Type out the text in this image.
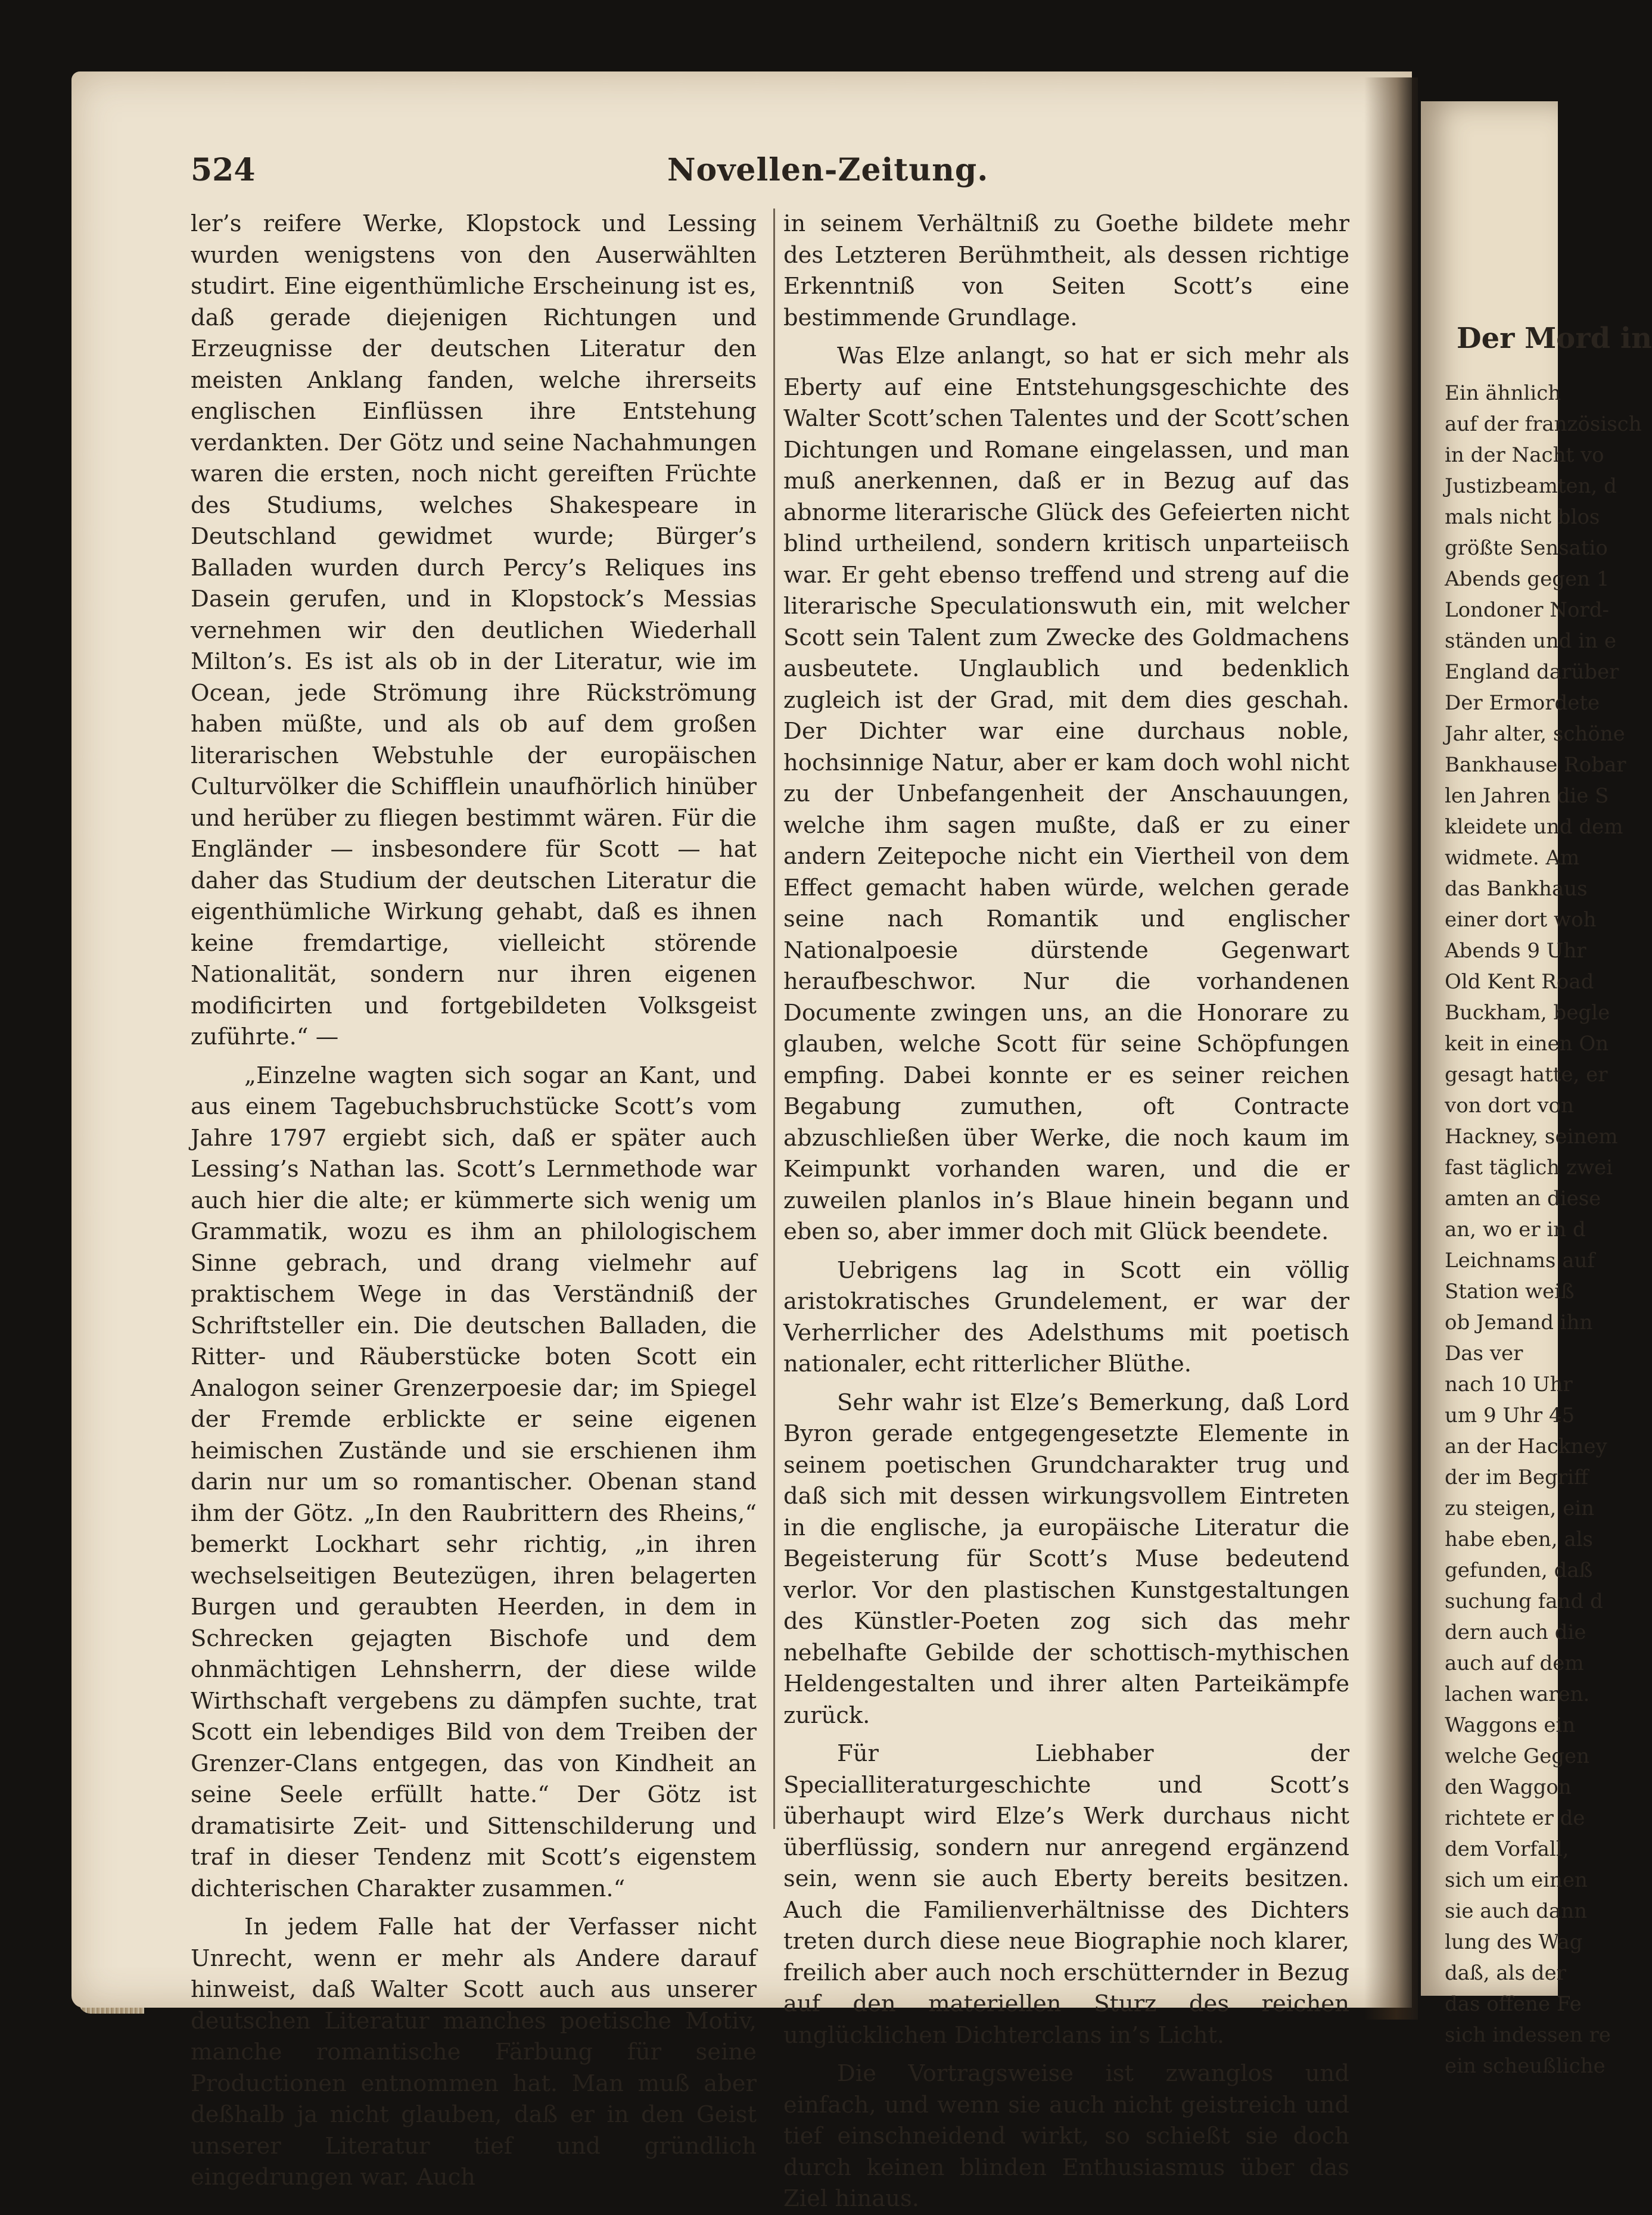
Der Mord in
Ein ähnlich
auf der französisch
in der Nacht vo
Justizbeamten, d
mals nicht blos
größte Sensatio
Abends gegen 1
Londoner Nord-
ständen und in e
England darüber
Der Ermordete
Jahr alter, schöne
Bankhause Robar
len Jahren die S
kleidete und dem
widmete. Am
das Bankhaus
einer dort woh
Abends 9 Uhr
Old Kent Road
Buckham, begle
keit in einen On
gesagt hatte, er
von dort von
Hackney, seinem
fast täglich zwei
amten an diese
an, wo er in d
Leichnams auf
Station weiß
ob Jemand ihn
Das ver
nach 10 Uhr
um 9 Uhr 45
an der Hackney
der im Begriff
zu steigen, ein
habe eben, als
gefunden, daß
suchung fand d
dern auch die
auch auf dem
lachen waren.
Waggons ein
welche Gegen
den Waggon
richtete er de
dem Vorfall,
sich um einen
sie auch dann
lung des Wag
daß, als der
das offene Fe
sich indessen re
ein scheußliche
524	Novellen-Zeitung.

ler’s reifere Werke, Klopstock und Lessing wurden wenigstens von den Auserwählten studirt. Eine eigenthümliche Erscheinung ist es, daß gerade diejenigen Richtungen und Erzeugnisse der deutschen Literatur den meisten Anklang fanden, welche ihrerseits englischen Einflüssen ihre Entstehung verdankten. Der Götz und seine Nachahmungen waren die ersten, noch nicht gereiften Früchte des Studiums, welches Shakespeare in Deutschland gewidmet wurde; Bürger’s Balladen wurden durch Percy’s Reliques ins Dasein gerufen, und in Klopstock’s Messias vernehmen wir den deutlichen Wiederhall Milton’s. Es ist als ob in der Literatur, wie im Ocean, jede Strömung ihre Rückströmung haben müßte, und als ob auf dem großen literarischen Webstuhle der europäischen Culturvölker die Schifflein unaufhörlich hinüber und herüber zu fliegen bestimmt wären. Für die Engländer — insbesondere für Scott — hat daher das Studium der deutschen Literatur die eigenthümliche Wirkung gehabt, daß es ihnen keine fremdartige, vielleicht störende Nationalität, sondern nur ihren eigenen modificirten und fortgebildeten Volksgeist zuführte.“ —

„Einzelne wagten sich sogar an Kant, und aus einem Tagebuchsbruchstücke Scott’s vom Jahre 1797 ergiebt sich, daß er später auch Lessing’s Nathan las. Scott’s Lernmethode war auch hier die alte; er kümmerte sich wenig um Grammatik, wozu es ihm an philologischem Sinne gebrach, und drang vielmehr auf praktischem Wege in das Verständniß der Schriftsteller ein. Die deutschen Balladen, die Ritter- und Räuberstücke boten Scott ein Analogon seiner Grenzerpoesie dar; im Spiegel der Fremde erblickte er seine eigenen heimischen Zustände und sie erschienen ihm darin nur um so romantischer. Obenan stand ihm der Götz. „In den Raubrittern des Rheins,“ bemerkt Lockhart sehr richtig, „in ihren wechselseitigen Beutezügen, ihren belagerten Burgen und geraubten Heerden, in dem in Schrecken gejagten Bischofe und dem ohnmächtigen Lehnsherrn, der diese wilde Wirthschaft vergebens zu dämpfen suchte, trat Scott ein lebendiges Bild von dem Treiben der Grenzer-Clans entgegen, das von Kindheit an seine Seele erfüllt hatte.“ Der Götz ist dramatisirte Zeit- und Sittenschilderung und traf in dieser Tendenz mit Scott’s eigenstem dichterischen Charakter zusammen.“

In jedem Falle hat der Verfasser nicht Unrecht, wenn er mehr als Andere darauf hinweist, daß Walter Scott auch aus unserer deutschen Literatur manches poetische Motiv, manche romantische Färbung für seine Productionen entnommen hat. Man muß aber deßhalb ja nicht glauben, daß er in den Geist unserer Literatur tief und gründlich eingedrungen war. Auch

in seinem Verhältniß zu Goethe bildete mehr des Letzteren Berühmtheit, als dessen richtige Erkenntniß von Seiten Scott’s eine bestimmende Grundlage.

Was Elze anlangt, so hat er sich mehr als Eberty auf eine Entstehungsgeschichte des Walter Scott’schen Talentes und der Scott’schen Dichtungen und Romane eingelassen, und man muß anerkennen, daß er in Bezug auf das abnorme literarische Glück des Gefeierten nicht blind urtheilend, sondern kritisch unparteiisch war. Er geht ebenso treffend und streng auf die literarische Speculationswuth ein, mit welcher Scott sein Talent zum Zwecke des Goldmachens ausbeutete. Unglaublich und bedenklich zugleich ist der Grad, mit dem dies geschah. Der Dichter war eine durchaus noble, hochsinnige Natur, aber er kam doch wohl nicht zu der Unbefangenheit der Anschauungen, welche ihm sagen mußte, daß er zu einer andern Zeitepoche nicht ein Viertheil von dem Effect gemacht haben würde, welchen gerade seine nach Romantik und englischer Nationalpoesie dürstende Gegenwart heraufbeschwor. Nur die vorhandenen Documente zwingen uns, an die Honorare zu glauben, welche Scott für seine Schöpfungen empfing. Dabei konnte er es seiner reichen Begabung zumuthen, oft Contracte abzuschließen über Werke, die noch kaum im Keimpunkt vorhanden waren, und die er zuweilen planlos in’s Blaue hinein begann und eben so, aber immer doch mit Glück beendete.

Uebrigens lag in Scott ein völlig aristokratisches Grundelement, er war der Verherrlicher des Adelsthums mit poetisch nationaler, echt ritterlicher Blüthe.

Sehr wahr ist Elze’s Bemerkung, daß Lord Byron gerade entgegengesetzte Elemente in seinem poetischen Grundcharakter trug und daß sich mit dessen wirkungsvollem Eintreten in die englische, ja europäische Literatur die Begeisterung für Scott’s Muse bedeutend verlor. Vor den plastischen Kunstgestaltungen des Künstler-Poeten zog sich das mehr nebelhafte Gebilde der schottisch-mythischen Heldengestalten und ihrer alten Parteikämpfe zurück.

Für Liebhaber der Specialliteraturgeschichte und Scott’s überhaupt wird Elze’s Werk durchaus nicht überflüssig, sondern nur anregend ergänzend sein, wenn sie auch Eberty bereits besitzen. Auch die Familienverhältnisse des Dichters treten durch diese neue Biographie noch klarer, freilich aber auch noch erschütternder in Bezug auf den materiellen Sturz des reichen unglücklichen Dichterclans in’s Licht.

Die Vortragsweise ist zwanglos und einfach, und wenn sie auch nicht geistreich und tief einschneidend wirkt, so schießt sie doch durch keinen blinden Enthusiasmus über das Ziel hinaus.
